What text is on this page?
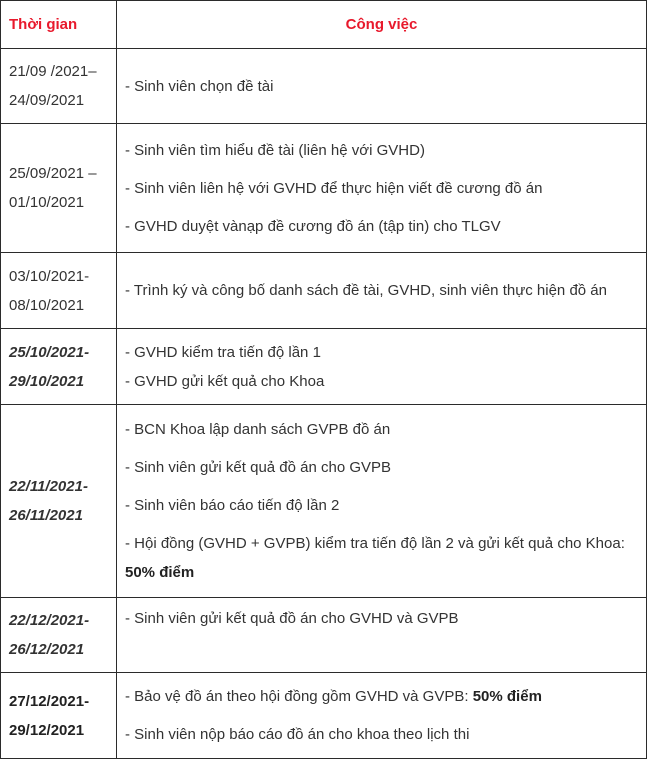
Thời gian	Công việc

21/09 /2021–
24/09/2021	- Sinh viên chọn đề tài

25/09/2021 –
01/10/2021	- Sinh viên tìm hiểu đề tài (liên hệ với GVHD)
- Sinh viên liên hệ với GVHD để thực hiện viết đề cương đồ án
- GVHD duyệt vànạp đề cương đồ án (tập tin) cho TLGV

03/10/2021-
08/10/2021	- Trình ký và công bố danh sách đề tài, GVHD, sinh viên thực hiện đồ án

25/10/2021-
29/10/2021	- GVHD kiểm tra tiến độ lần 1
- GVHD gửi kết quả cho Khoa

22/11/2021-
26/11/2021	- BCN Khoa lập danh sách GVPB đồ án
- Sinh viên gửi kết quả đồ án cho GVPB
- Sinh viên báo cáo tiến độ lần 2
- Hội đồng (GVHD + GVPB) kiểm tra tiến độ lần 2 và gửi kết quả cho Khoa: 50% điểm

22/12/2021-
26/12/2021	- Sinh viên gửi kết quả đồ án cho GVHD và GVPB

27/12/2021-
29/12/2021	- Bảo vệ đồ án theo hội đồng gồm GVHD và GVPB: 50% điểm
- Sinh viên nộp báo cáo đồ án cho khoa theo lịch thi
